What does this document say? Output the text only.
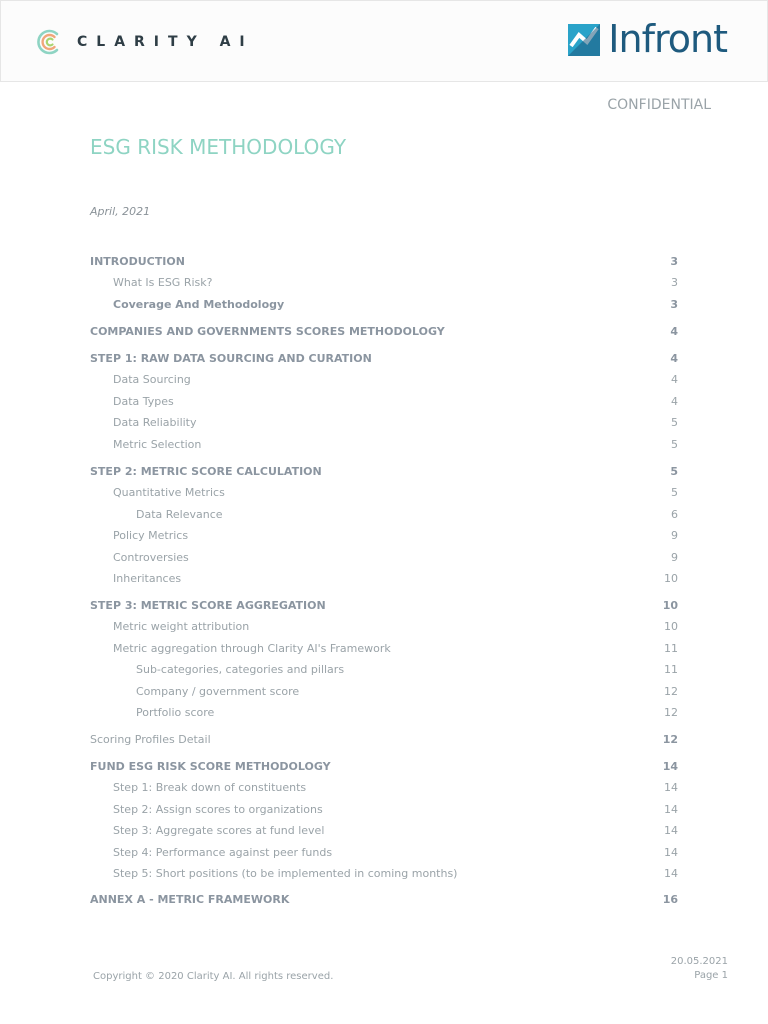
CLARITY AI	Infront
CONFIDENTIAL
ESG RISK METHODOLOGY
April, 2021
INTRODUCTION	3
What Is ESG Risk?	3
Coverage And Methodology	3
COMPANIES AND GOVERNMENTS SCORES METHODOLOGY	4
STEP 1: RAW DATA SOURCING AND CURATION	4
Data Sourcing	4
Data Types	4
Data Reliability	5
Metric Selection	5
STEP 2: METRIC SCORE CALCULATION	5
Quantitative Metrics	5
Data Relevance	6
Policy Metrics	9
Controversies	9
Inheritances	10
STEP 3: METRIC SCORE AGGREGATION	10
Metric weight attribution	10
Metric aggregation through Clarity AI's Framework	11
Sub-categories, categories and pillars	11
Company / government score	12
Portfolio score	12
Scoring Profiles Detail	12
FUND ESG RISK SCORE METHODOLOGY	14
Step 1: Break down of constituents	14
Step 2: Assign scores to organizations	14
Step 3: Aggregate scores at fund level	14
Step 4: Performance against peer funds	14
Step 5: Short positions (to be implemented in coming months)	14
ANNEX A - METRIC FRAMEWORK	16
Copyright © 2020 Clarity AI. All rights reserved.
20.05.2021
Page 1
